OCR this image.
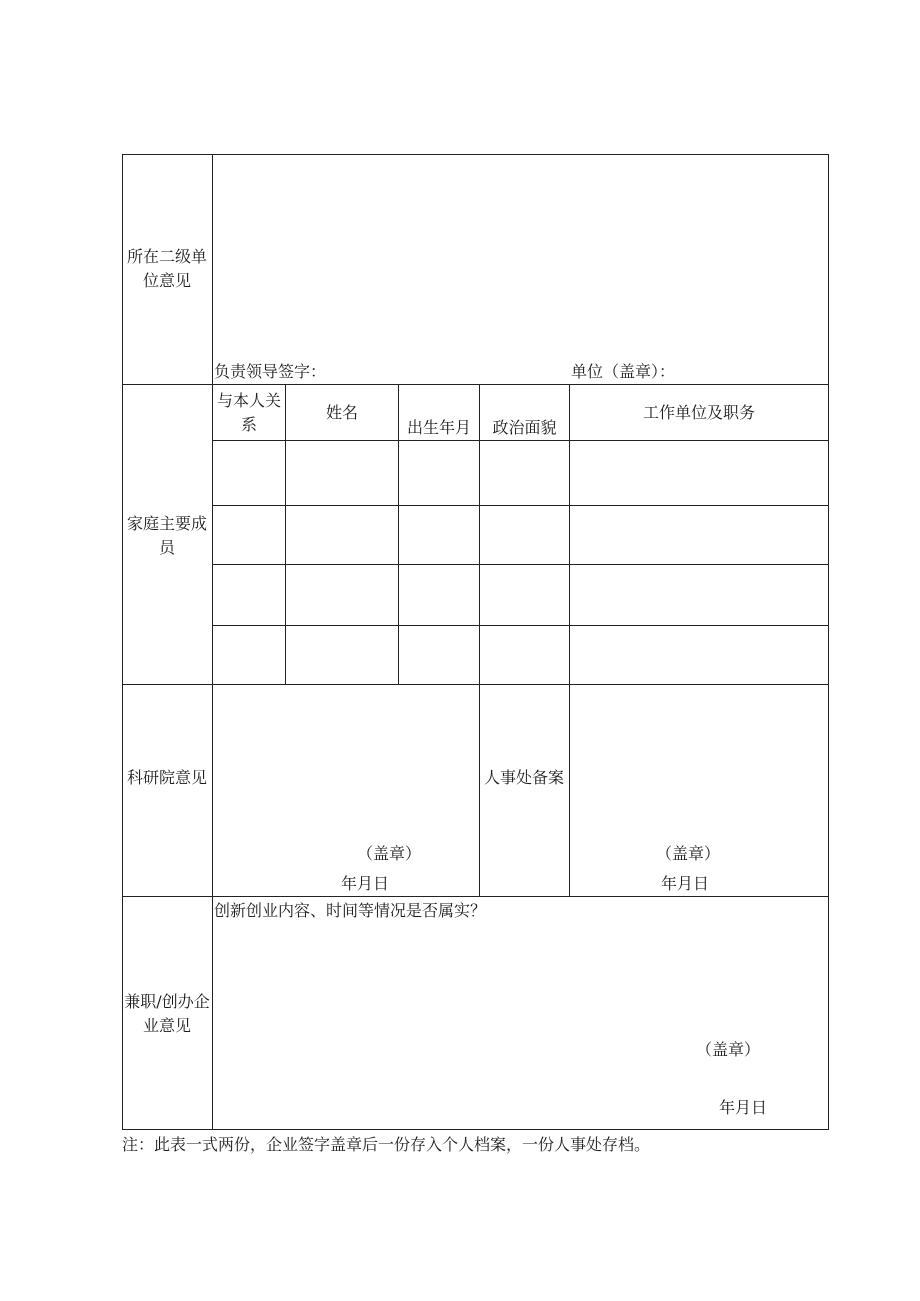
所在二级单位意见
负责领导签字：	单位（盖章）：
家庭主要成员
与本人关系
姓名
出生年月	政治面貌
工作单位及职务
科研院意见
（盖章）
年月日
人事处备案
（盖章）
年月日
兼职/创办企业意见
创新创业内容、时间等情况是否属实？
（盖章）
年月日
注：此表一式两份，企业签字盖章后一份存入个人档案，一份人事处存档。
